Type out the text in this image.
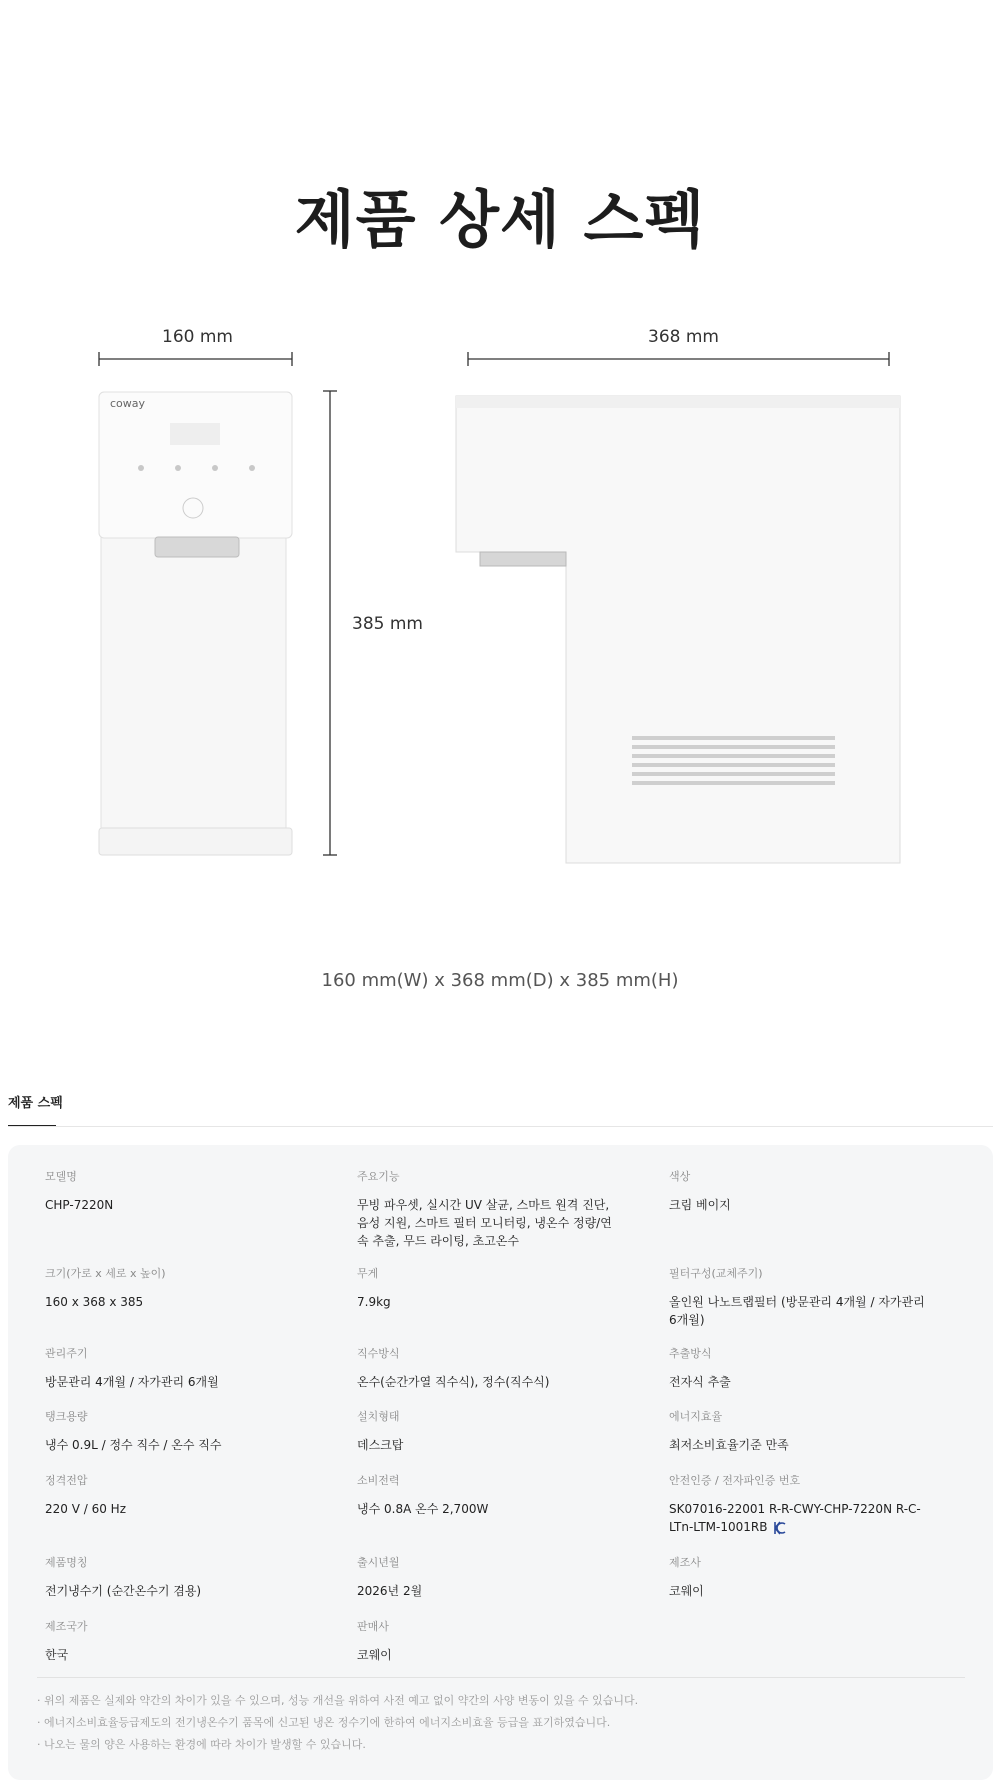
제품 상세 스펙
160 mm	368 mm
385 mm
coway
160 mm(W) x 368 mm(D) x 385 mm(H)
제품 스펙
모델명
CHP-7220N
주요기능
무빙 파우셋, 실시간 UV 살균, 스마트 원격 진단, 음성 지원, 스마트 필터 모니터링, 냉온수 정량/연속 추출, 무드 라이팅, 초고온수
색상
크림 베이지
크기(가로 x 세로 x 높이)
160 x 368 x 385
무게
7.9kg
필터구성(교체주기)
올인원 나노트랩필터 (방문관리 4개월 / 자가관리 6개월)
관리주기
방문관리 4개월 / 자가관리 6개월
직수방식
온수(순간가열 직수식), 정수(직수식)
추출방식
전자식 추출
탱크용량
냉수 0.9L / 정수 직수 / 온수 직수
설치형태
데스크탑
에너지효율
최저소비효율기준 만족
정격전압
220 V / 60 Hz
소비전력
냉수 0.8A 온수 2,700W
안전인증 / 전자파인증 번호
SK07016-22001 R-R-CWY-CHP-7220N R-C-LTn-LTM-1001RB
제품명칭
전기냉수기 (순간온수기 겸용)
출시년월
2026년 2월
제조사
코웨이
제조국가
한국
판매사
코웨이
· 위의 제품은 실제와 약간의 차이가 있을 수 있으며, 성능 개선을 위하여 사전 예고 없이 약간의 사양 변동이 있을 수 있습니다.
· 에너지소비효율등급제도의 전기냉온수기 품목에 신고된 냉온 정수기에 한하여 에너지소비효율 등급을 표기하였습니다.
· 나오는 물의 양은 사용하는 환경에 따라 차이가 발생할 수 있습니다.
